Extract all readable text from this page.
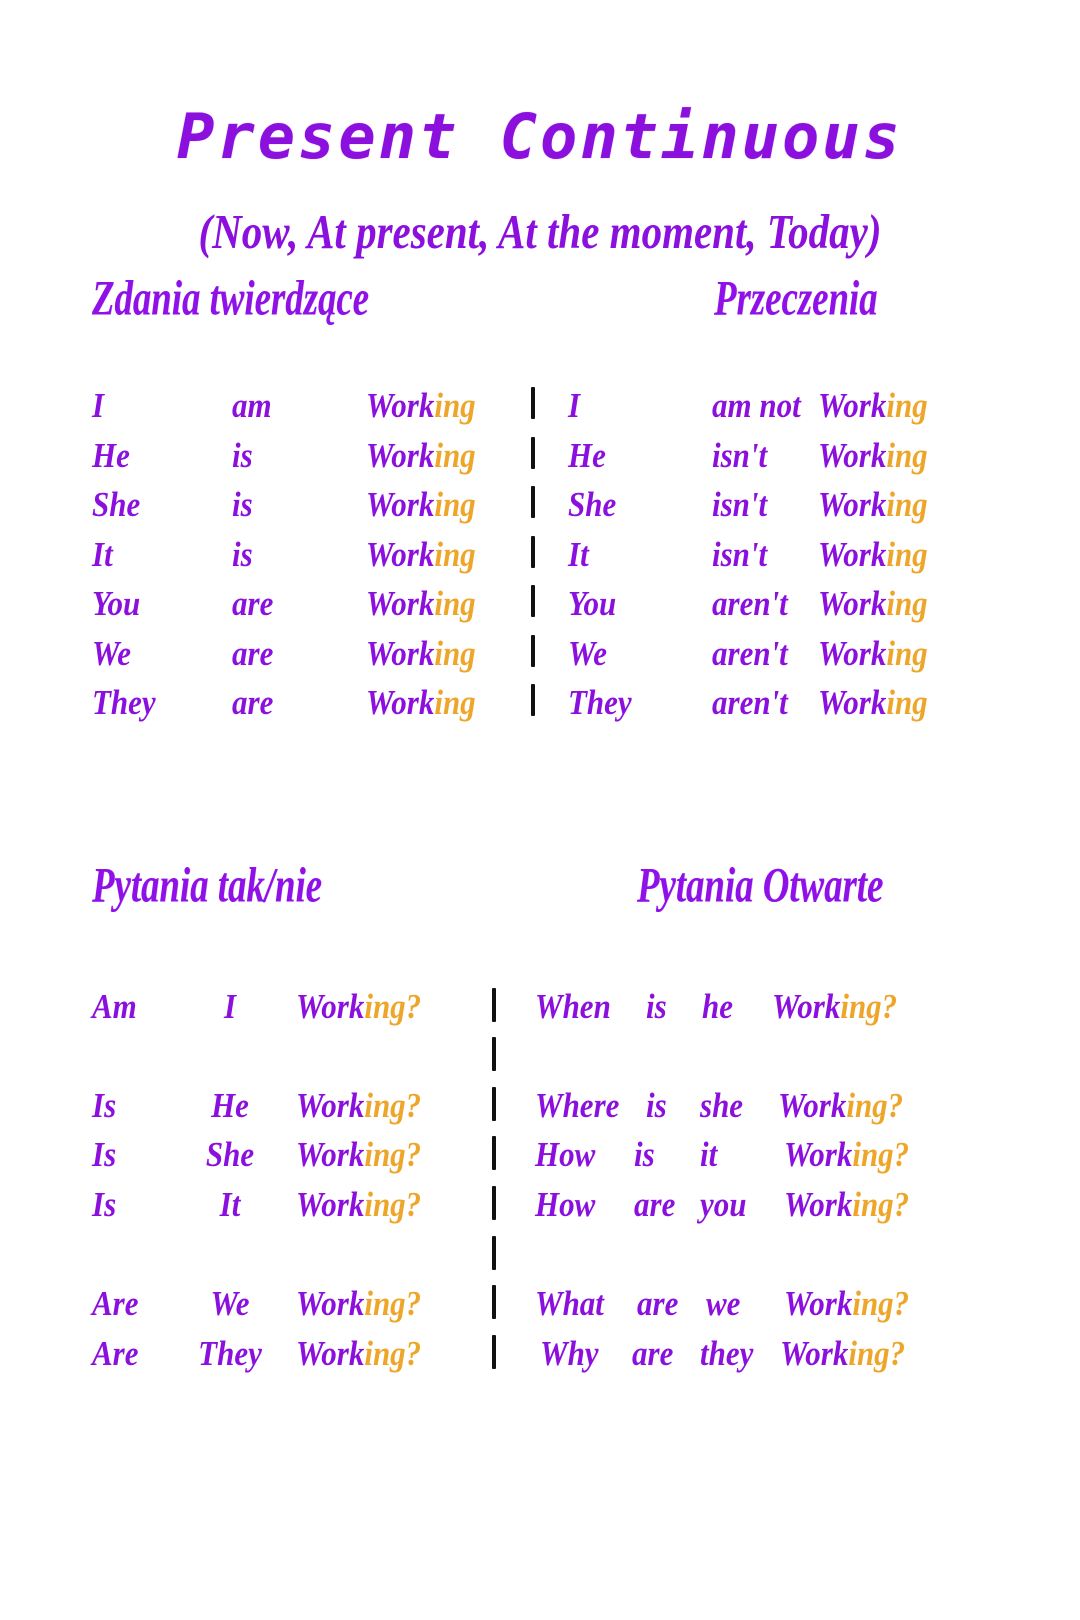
Present Continuous
(Now, At present, At the moment, Today)
Zdania twierdzące	Przeczenia
Pytania tak/nie	Pytania Otwarte
I	am	Working
He	is	Working
She	is	Working
It	is	Working
You	are	Working
We	are	Working
They are	Working
I	am not Working
He	isn't Working
She	isn't Working
It	isn't Working
You	aren't Working
We	aren't Working
They	aren't Working
Am	I	Working?
Is	He	Working?
Is	She	Working?
Is	It	Working?
Are	We	Working?
Are	They	Working?
When is he Working?
Where is she Working?
How is it Working?
How are you Working?
What are we Working?
Why are they Working?
